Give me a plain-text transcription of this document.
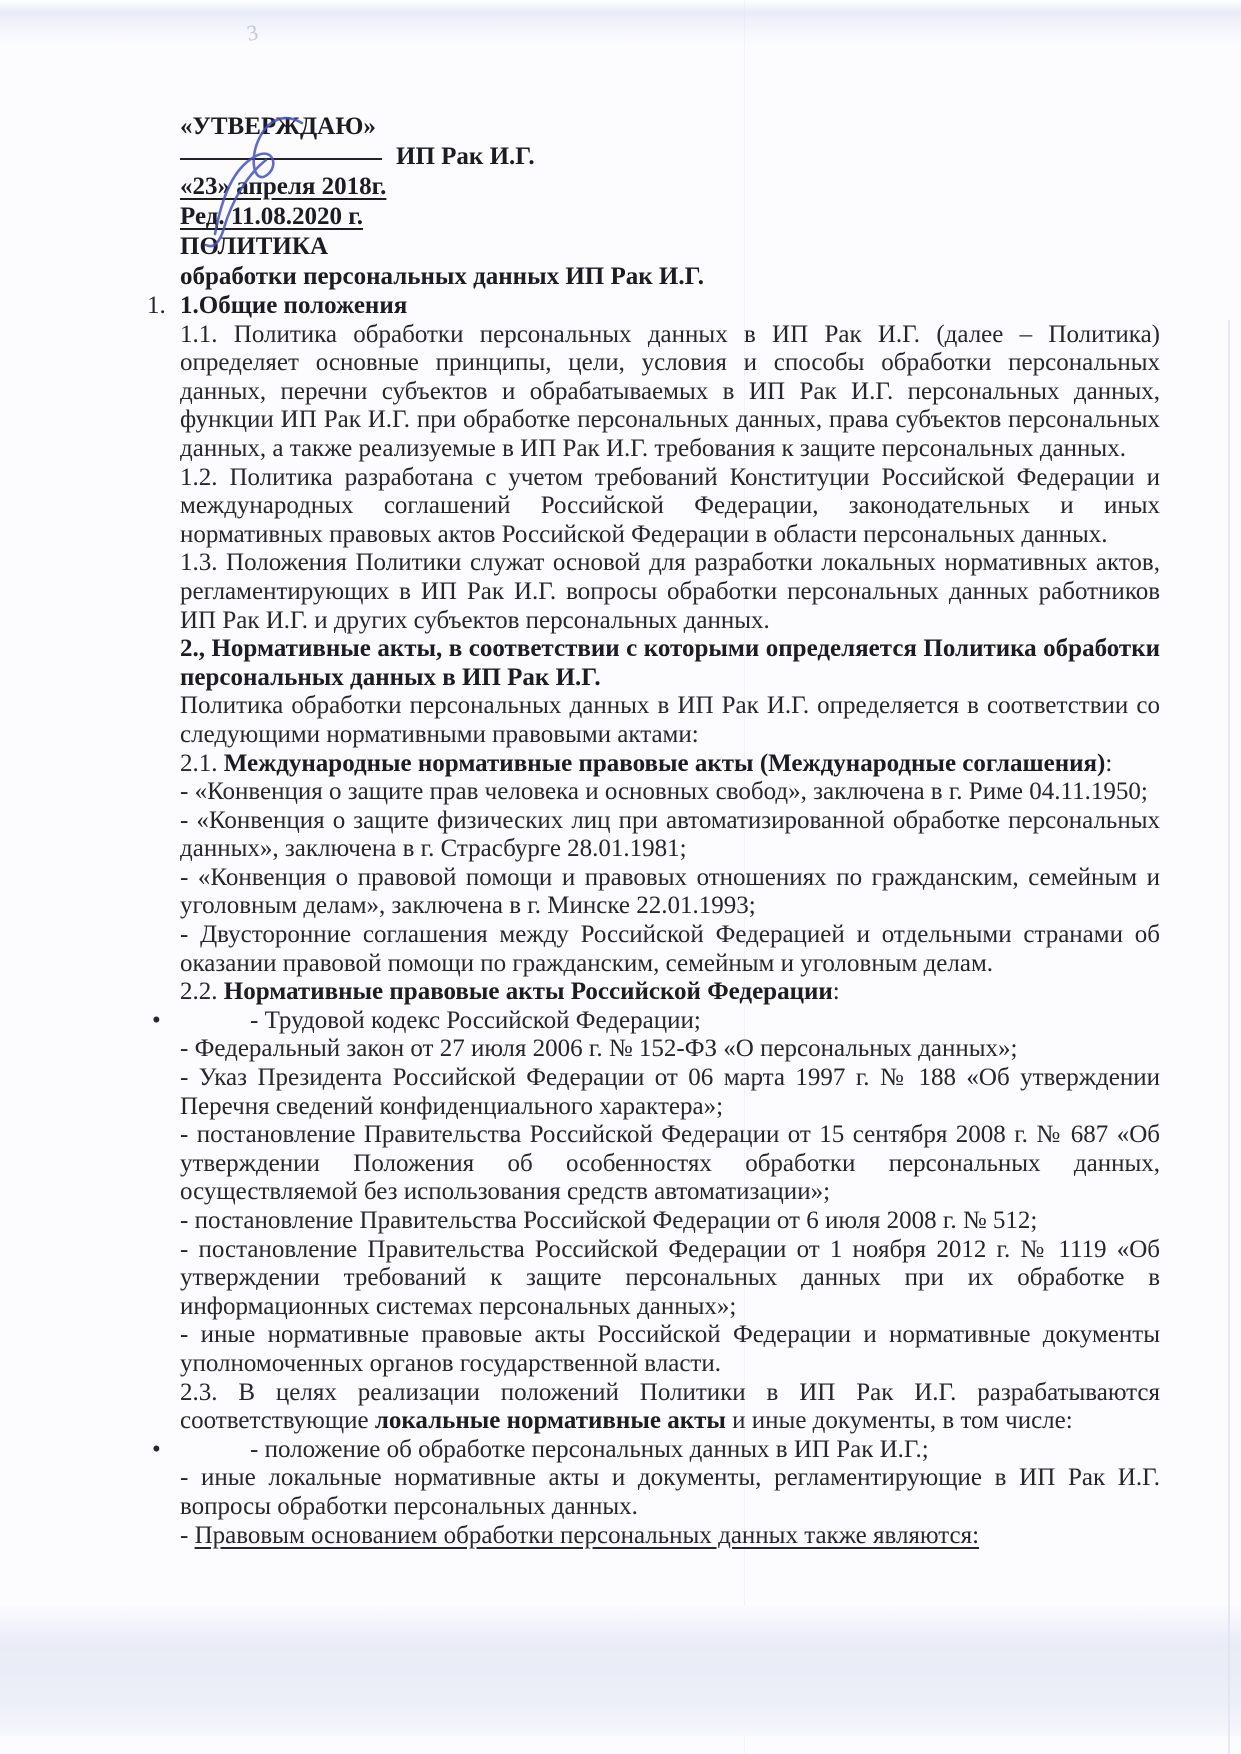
3

«УТВЕРЖДАЮ»

ИП Рак И.Г.

«23» апреля 2018г.

Ред. 11.08.2020 г.

ПОЛИТИКА

обработки персональных данных ИП Рак И.Г.

1. 1.Общие положения

1.1. Политика обработки персональных данных в ИП Рак И.Г. (далее – Политика) определяет основные принципы, цели, условия и способы обработки персональных данных, перечни субъектов и обрабатываемых в ИП Рак И.Г. персональных данных, функции ИП Рак И.Г. при обработке персональных данных, права субъектов персональных данных, а также реализуемые в ИП Рак И.Г. требования к защите персональных данных.

1.2. Политика разработана с учетом требований Конституции Российской Федерации и международных соглашений Российской Федерации, законодательных и иных нормативных правовых актов Российской Федерации в области персональных данных.

1.3. Положения Политики служат основой для разработки локальных нормативных актов, регламентирующих в ИП Рак И.Г. вопросы обработки персональных данных работников ИП Рак И.Г. и других субъектов персональных данных.

2., Нормативные акты, в соответствии с которыми определяется Политика обработки персональных данных в ИП Рак И.Г.

Политика обработки персональных данных в ИП Рак И.Г. определяется в соответствии со следующими нормативными правовыми актами:

2.1. Международные нормативные правовые акты (Международные соглашения):

- «Конвенция о защите прав человека и основных свобод», заключена в г. Риме 04.11.1950;

- «Конвенция о защите физических лиц при автоматизированной обработке персональных данных», заключена в г. Страсбурге 28.01.1981;

- «Конвенция о правовой помощи и правовых отношениях по гражданским, семейным и уголовным делам», заключена в г. Минске 22.01.1993;

- Двусторонние соглашения между Российской Федерацией и отдельными странами об оказании правовой помощи по гражданским, семейным и уголовным делам.

2.2. Нормативные правовые акты Российской Федерации:

•	- Трудовой кодекс Российской Федерации;

- Федеральный закон от 27 июля 2006 г. № 152-ФЗ «О персональных данных»;

- Указ Президента Российской Федерации от 06 марта 1997 г. № 188 «Об утверждении Перечня сведений конфиденциального характера»;

- постановление Правительства Российской Федерации от 15 сентября 2008 г. № 687 «Об утверждении Положения об особенностях обработки персональных данных, осуществляемой без использования средств автоматизации»;

- постановление Правительства Российской Федерации от 6 июля 2008 г. № 512;

- постановление Правительства Российской Федерации от 1 ноября 2012 г. № 1119 «Об утверждении требований к защите персональных данных при их обработке в информационных системах персональных данных»;

- иные нормативные правовые акты Российской Федерации и нормативные документы уполномоченных органов государственной власти.

2.3. В целях реализации положений Политики в ИП Рак И.Г. разрабатываются соответствующие локальные нормативные акты и иные документы, в том числе:

•	- положение об обработке персональных данных в ИП Рак И.Г.;

- иные локальные нормативные акты и документы, регламентирующие в ИП Рак И.Г. вопросы обработки персональных данных.

- Правовым основанием обработки персональных данных также являются:
